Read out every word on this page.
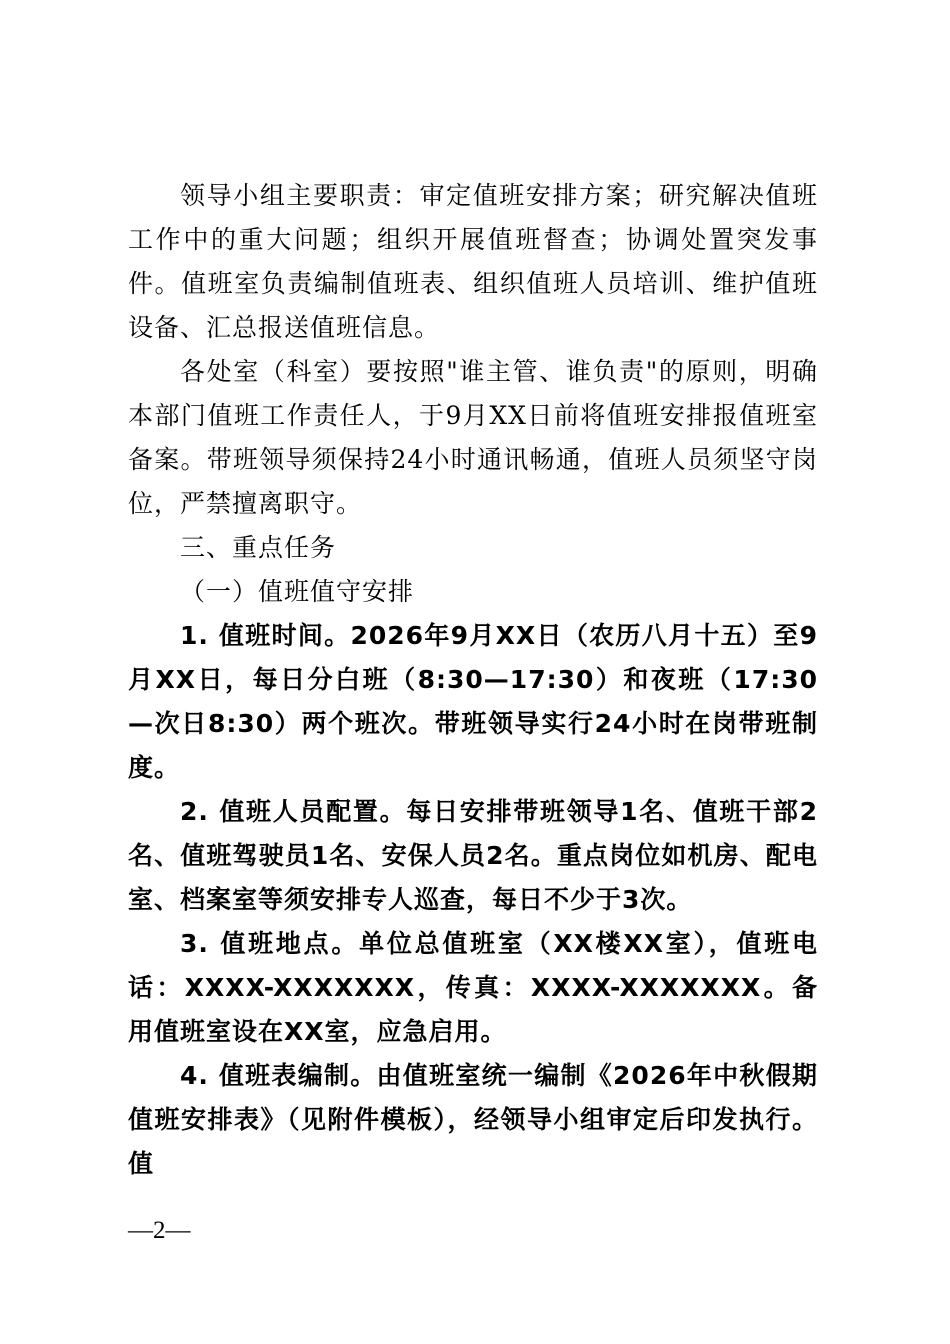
领导小组主要职责：审定值班安排方案；研究解决值班工作中的重大问题；组织开展值班督查；协调处置突发事件。值班室负责编制值班表、组织值班人员培训、维护值班设备、汇总报送值班信息。

各处室（科室）要按照"谁主管、谁负责"的原则，明确本部门值班工作责任人，于9月XX日前将值班安排报值班室备案。带班领导须保持24小时通讯畅通，值班人员须坚守岗位，严禁擅离职守。

三、重点任务

（一）值班值守安排

1. 值班时间。2026年9月XX日（农历八月十五）至9月XX日，每日分白班（8:30—17:30）和夜班（17:30—次日8:30）两个班次。带班领导实行24小时在岗带班制度。

2. 值班人员配置。每日安排带班领导1名、值班干部2名、值班驾驶员1名、安保人员2名。重点岗位如机房、配电室、档案室等须安排专人巡查，每日不少于3次。

3. 值班地点。单位总值班室（XX楼XX室），值班电话：XXXX-XXXXXXX，传真：XXXX-XXXXXXX。备用值班室设在XX室，应急启用。

4. 值班表编制。由值班室统一编制《2026年中秋假期值班安排表》（见附件模板），经领导小组审定后印发执行。值

—2—
